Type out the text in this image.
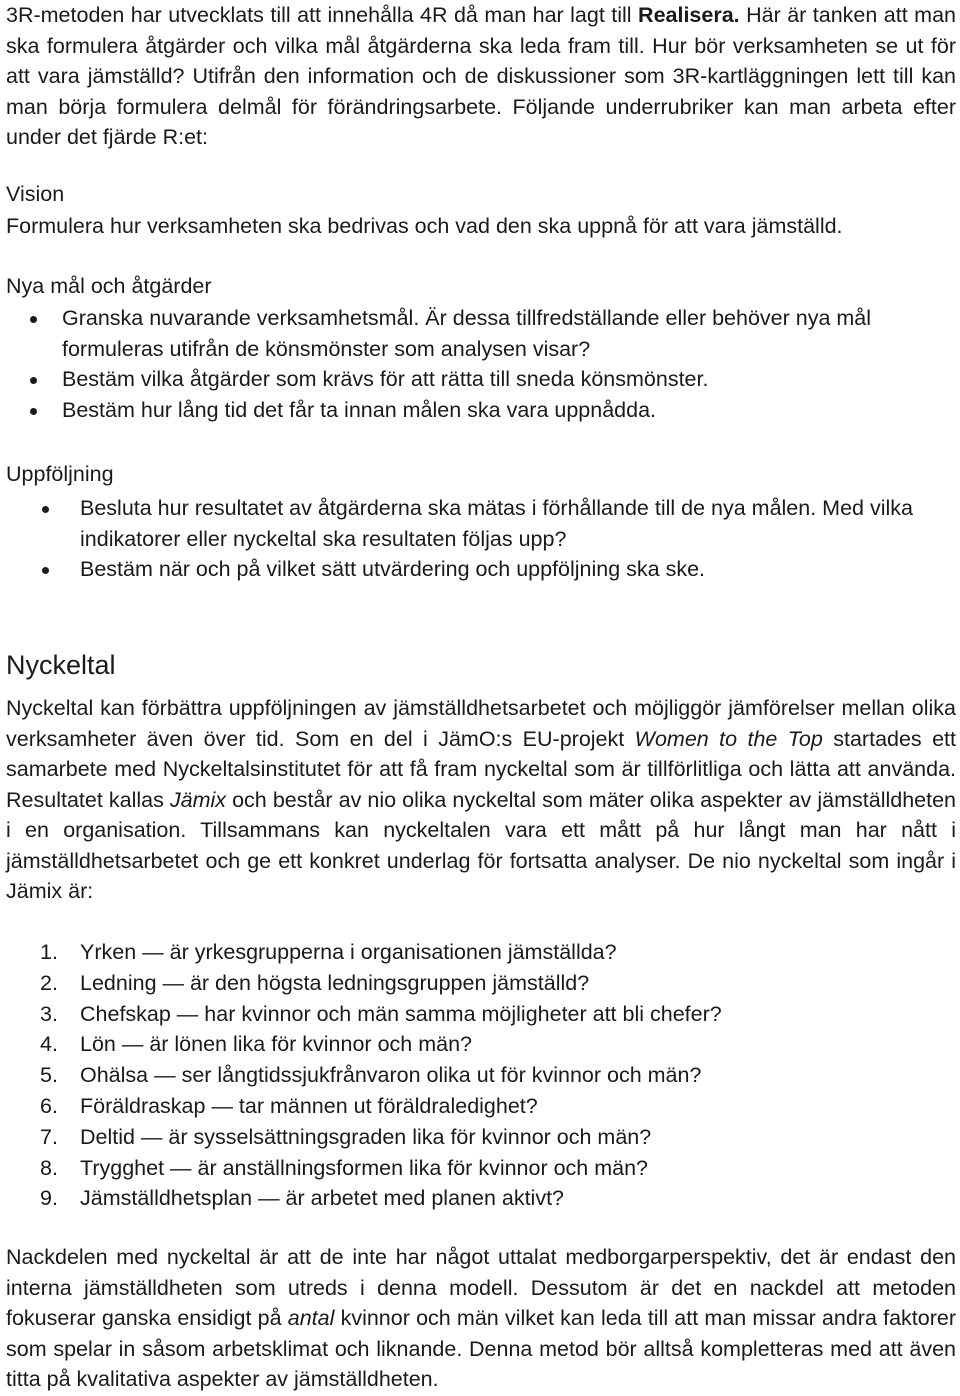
3R-metoden har utvecklats till att innehålla 4R då man har lagt till Realisera. Här är tanken att man ska formulera åtgärder och vilka mål åtgärderna ska leda fram till. Hur bör verksamheten se ut för att vara jämställd? Utifrån den information och de diskussioner som 3R-kartläggningen lett till kan man börja formulera delmål för förändringsarbete. Följande underrubriker kan man arbeta efter under det fjärde R:et:

Vision

Formulera hur verksamheten ska bedrivas och vad den ska uppnå för att vara jämställd.

Nya mål och åtgärder
Granska nuvarande verksamhetsmål. Är dessa tillfredställande eller behöver nya mål formuleras utifrån de könsmönster som analysen visar?
Bestäm vilka åtgärder som krävs för att rätta till sneda könsmönster.
Bestäm hur lång tid det får ta innan målen ska vara uppnådda.
Uppföljning
Besluta hur resultatet av åtgärderna ska mätas i förhållande till de nya målen. Med vilka indikatorer eller nyckeltal ska resultaten följas upp?
Bestäm när och på vilket sätt utvärdering och uppföljning ska ske.
Nyckeltal

Nyckeltal kan förbättra uppföljningen av jämställdhetsarbetet och möjliggör jämförelser mellan olika verksamheter även över tid. Som en del i JämO:s EU-projekt Women to the Top startades ett samarbete med Nyckeltalsinstitutet för att få fram nyckeltal som är tillförlitliga och lätta att använda. Resultatet kallas Jämix och består av nio olika nyckeltal som mäter olika aspekter av jämställdheten i en organisation. Tillsammans kan nyckeltalen vara ett mått på hur långt man har nått i jämställdhetsarbetet och ge ett konkret underlag för fortsatta analyser. De nio nyckeltal som ingår i Jämix är:

1. Yrken — är yrkesgrupperna i organisationen jämställda?
2. Ledning — är den högsta ledningsgruppen jämställd?
3. Chefskap — har kvinnor och män samma möjligheter att bli chefer?
4. Lön — är lönen lika för kvinnor och män?
5. Ohälsa — ser långtidssjukfrånvaron olika ut för kvinnor och män?
6. Föräldraskap — tar männen ut föräldraledighet?
7. Deltid — är sysselsättningsgraden lika för kvinnor och män?
8. Trygghet — är anställningsformen lika för kvinnor och män?
9. Jämställdhetsplan — är arbetet med planen aktivt?

Nackdelen med nyckeltal är att de inte har något uttalat medborgarperspektiv, det är endast den interna jämställdheten som utreds i denna modell. Dessutom är det en nackdel att metoden fokuserar ganska ensidigt på antal kvinnor och män vilket kan leda till att man missar andra faktorer som spelar in såsom arbetsklimat och liknande. Denna metod bör alltså kompletteras med att även titta på kvalitativa aspekter av jämställdheten.
